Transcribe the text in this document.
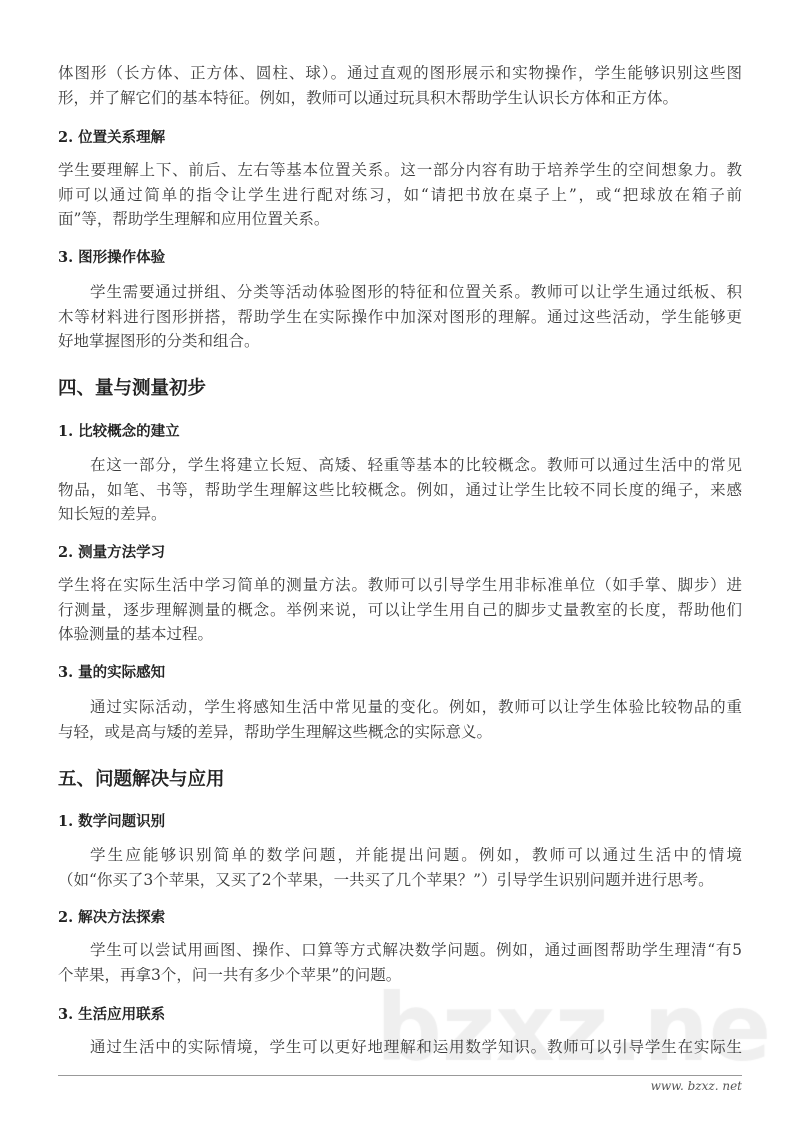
体图形（长方体、正方体、圆柱、球）。通过直观的图形展示和实物操作，学生能够识别这些图
形，并了解它们的基本特征。例如，教师可以通过玩具积木帮助学生认识长方体和正方体。
2. 位置关系理解
学生要理解上下、前后、左右等基本位置关系。这一部分内容有助于培养学生的空间想象力。教
师可以通过简单的指令让学生进行配对练习，如“请把书放在桌子上”，或“把球放在箱子前
面”等，帮助学生理解和应用位置关系。
3. 图形操作体验
学生需要通过拼组、分类等活动体验图形的特征和位置关系。教师可以让学生通过纸板、积
木等材料进行图形拼搭，帮助学生在实际操作中加深对图形的理解。通过这些活动，学生能够更
好地掌握图形的分类和组合。
四、量与测量初步
1. 比较概念的建立
在这一部分，学生将建立长短、高矮、轻重等基本的比较概念。教师可以通过生活中的常见
物品，如笔、书等，帮助学生理解这些比较概念。例如，通过让学生比较不同长度的绳子，来感
知长短的差异。
2. 测量方法学习
学生将在实际生活中学习简单的测量方法。教师可以引导学生用非标准单位（如手掌、脚步）进
行测量，逐步理解测量的概念。举例来说，可以让学生用自己的脚步丈量教室的长度，帮助他们
体验测量的基本过程。
3. 量的实际感知
通过实际活动，学生将感知生活中常见量的变化。例如，教师可以让学生体验比较物品的重
与轻，或是高与矮的差异，帮助学生理解这些概念的实际意义。
五、问题解决与应用
1. 数学问题识别
学生应能够识别简单的数学问题，并能提出问题。例如，教师可以通过生活中的情境
（如“你买了3个苹果，又买了2个苹果，一共买了几个苹果？”）引导学生识别问题并进行思考。
2. 解决方法探索
学生可以尝试用画图、操作、口算等方式解决数学问题。例如，通过画图帮助学生理清“有5
个苹果，再拿3个，问一共有多少个苹果”的问题。
3. 生活应用联系
通过生活中的实际情境，学生可以更好地理解和运用数学知识。教师可以引导学生在实际生
www. bzxz. net
